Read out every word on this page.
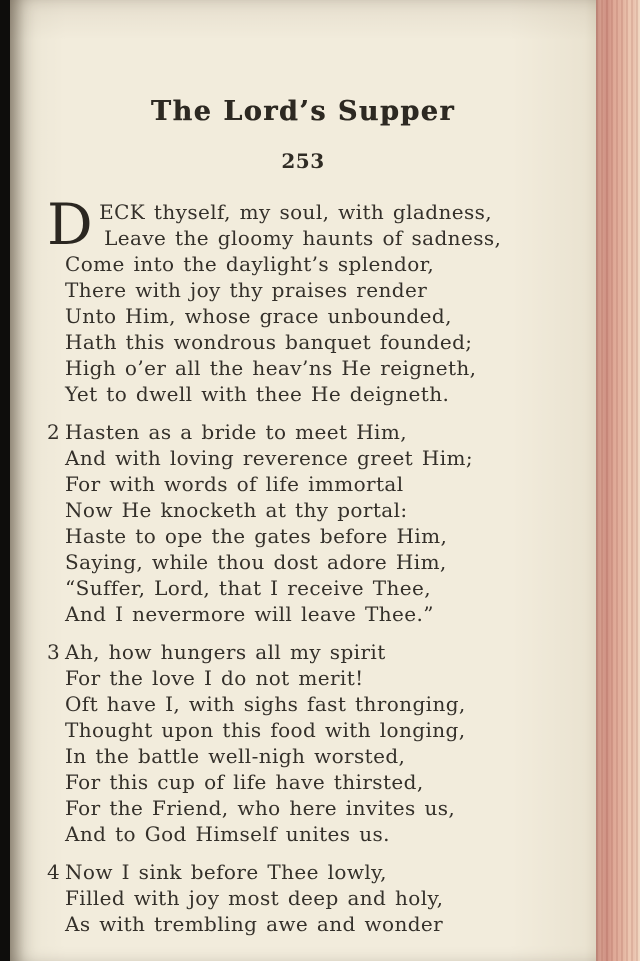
The Lord’s Supper
253
D ECK thyself, my soul, with gladness,
Leave the gloomy haunts of sadness,
Come into the daylight’s splendor,
There with joy thy praises render
Unto Him, whose grace unbounded,
Hath this wondrous banquet founded;
High o’er all the heav’ns He reigneth,
Yet to dwell with thee He deigneth.
2 Hasten as a bride to meet Him,
And with loving reverence greet Him;
For with words of life immortal
Now He knocketh at thy portal:
Haste to ope the gates before Him,
Saying, while thou dost adore Him,
“Suffer, Lord, that I receive Thee,
And I nevermore will leave Thee.”
3 Ah, how hungers all my spirit
For the love I do not merit!
Oft have I, with sighs fast thronging,
Thought upon this food with longing,
In the battle well-nigh worsted,
For this cup of life have thirsted,
For the Friend, who here invites us,
And to God Himself unites us.
4 Now I sink before Thee lowly,
Filled with joy most deep and holy,
As with trembling awe and wonder
